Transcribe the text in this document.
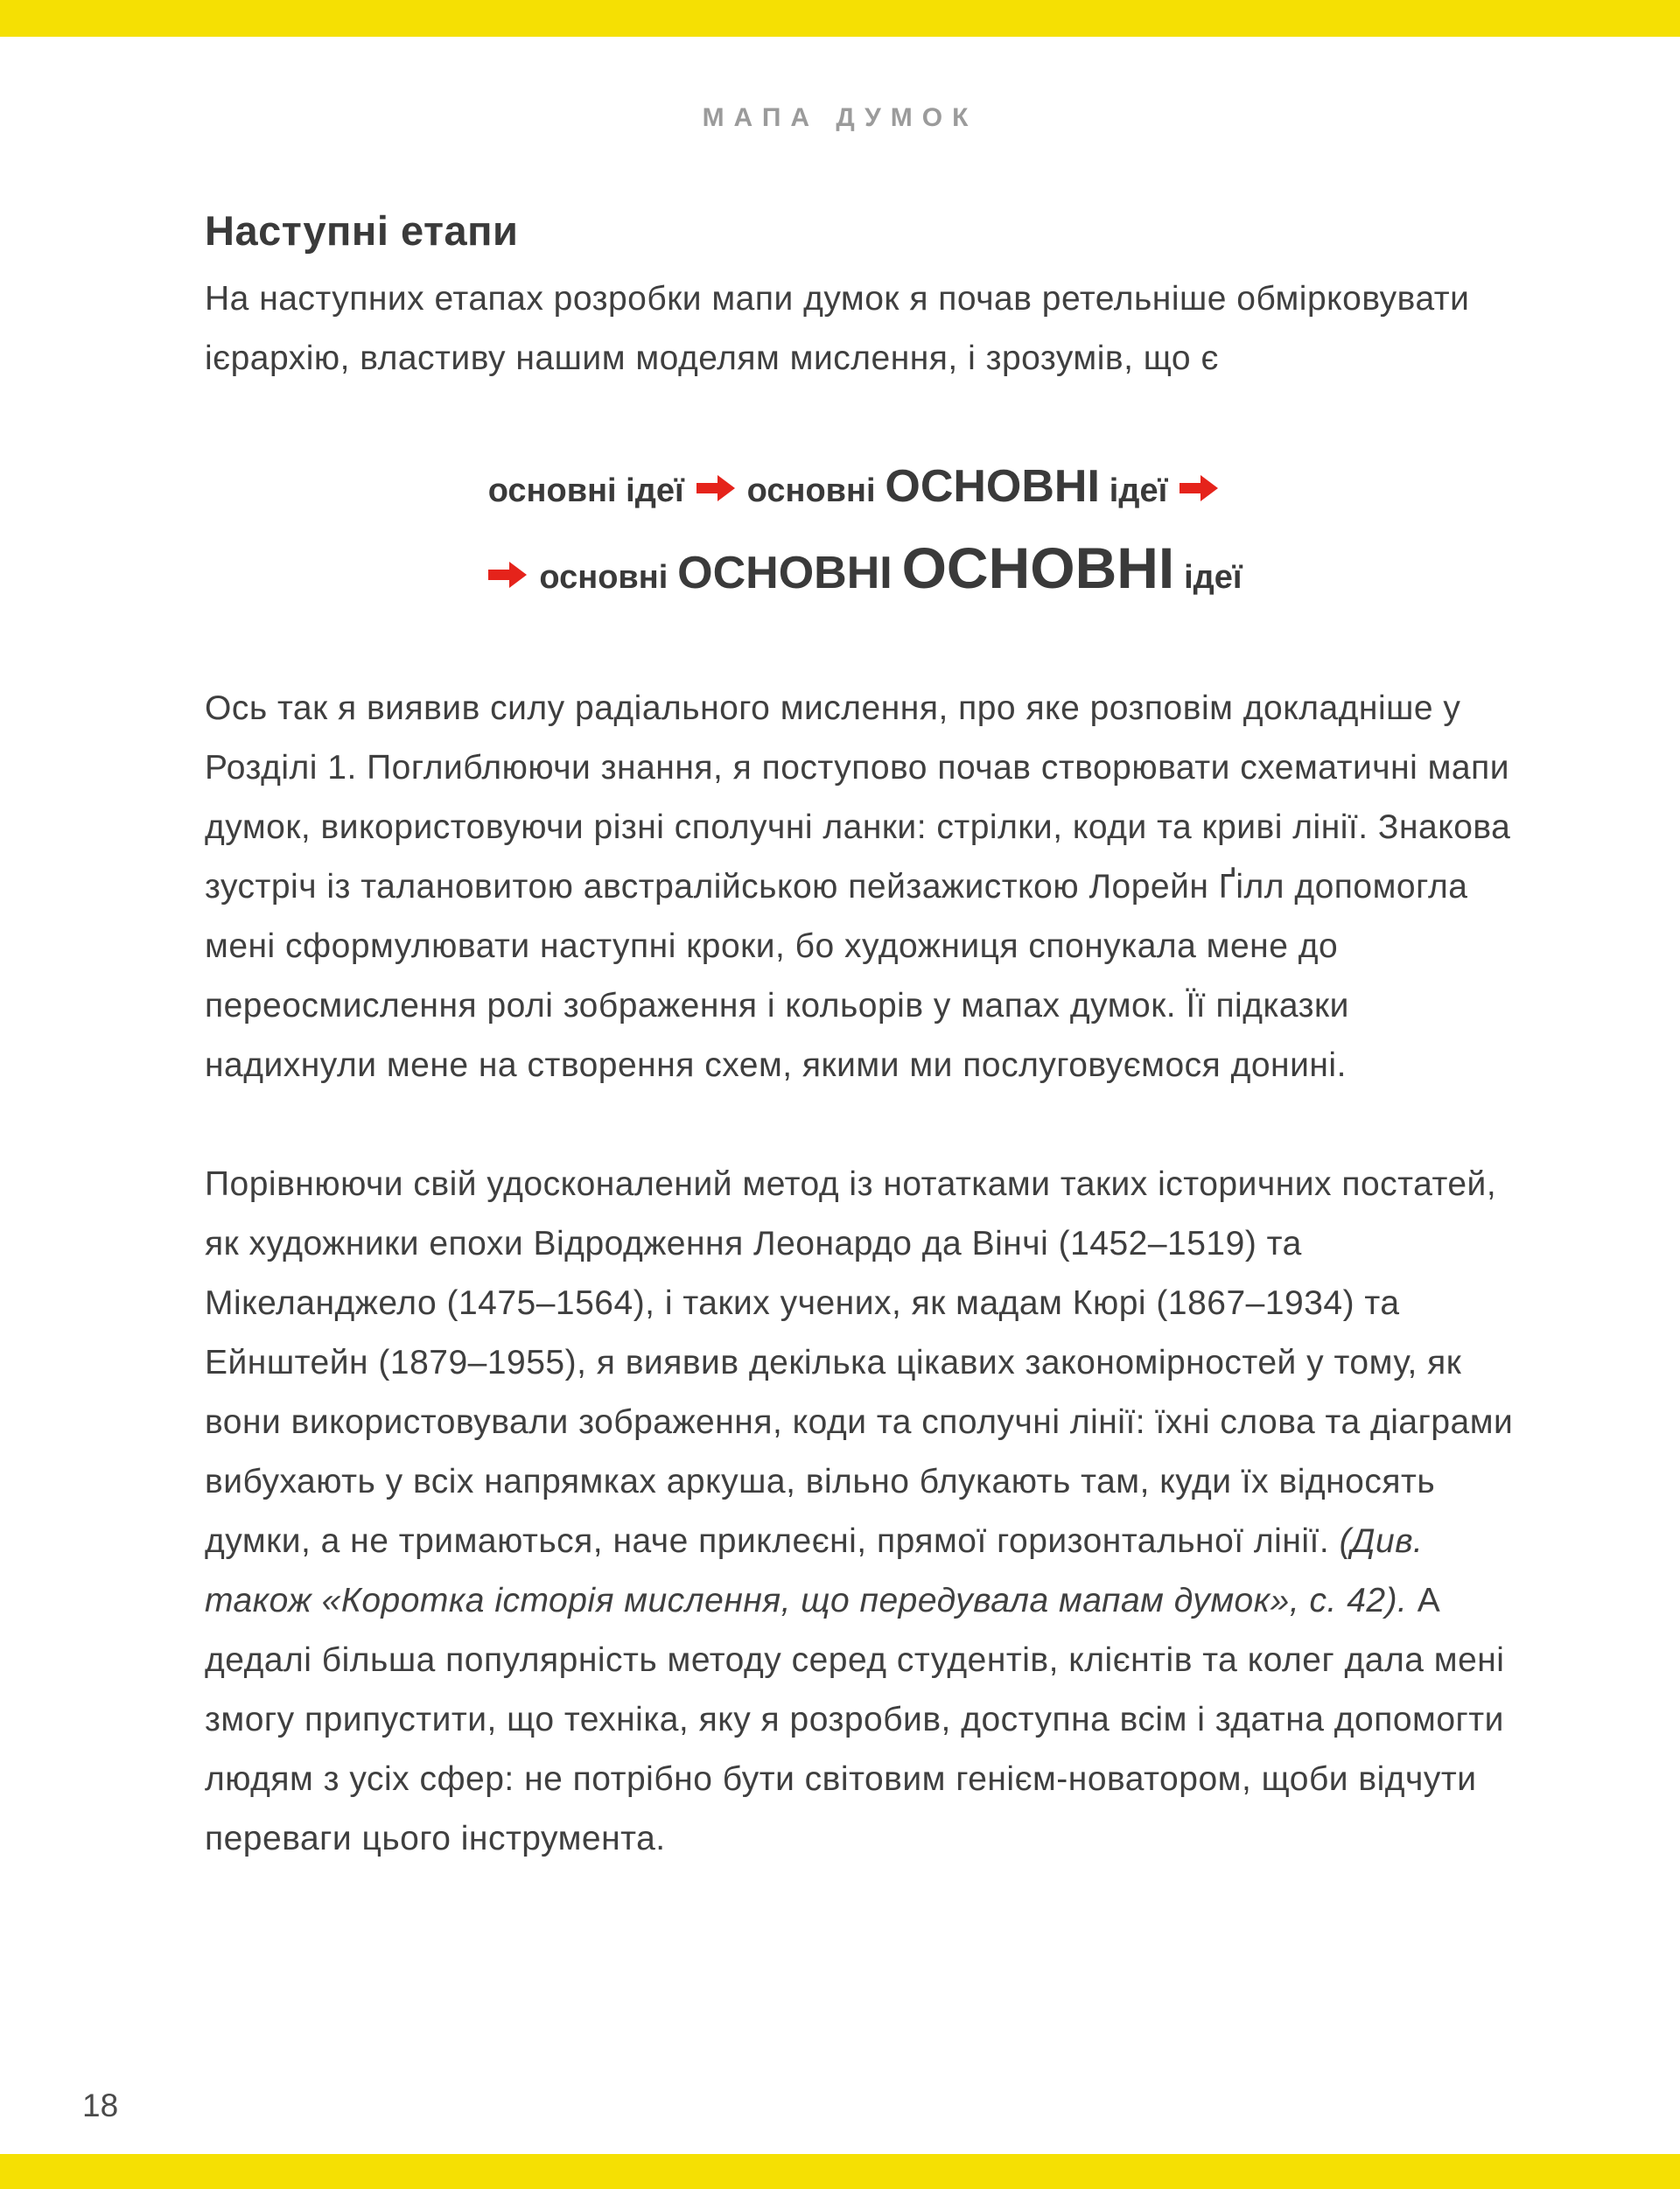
МАПА ДУМОК
Наступні етапи

На наступних етапах розробки мапи думок я почав ретельніше обмірковувати ієрархію, властиву нашим моделям мислення, і зрозумів, що є

основні ідеї основні ОСНОВНІ ідеї
основні ОСНОВНІ ОСНОВНІ ідеї

Ось так я виявив силу радіального мислення, про яке розповім докладніше у Розділі 1. Поглиблюючи знання, я поступово почав створювати схематичні мапи думок, використовуючи різні сполучні ланки: стрілки, коди та криві лінії. Знакова зустріч із талановитою австралійською пейзажисткою Лорейн Ґілл допомогла мені сформулювати наступні кроки, бо художниця спонукала мене до переосмислення ролі зображення і кольорів у мапах думок. Її підказки надихнули мене на створення схем, якими ми послуговуємося донині.

Порівнюючи свій удосконалений метод із нотатками таких історичних постатей, як художники епохи Відродження Леонардо да Вінчі (1452–1519) та Мікеланджело (1475–1564), і таких учених, як мадам Кюрі (1867–1934) та Ейнштейн (1879–1955), я виявив декілька цікавих закономірностей у тому, як вони використовували зображення, коди та сполучні лінії: їхні слова та діаграми вибухають у всіх напрямках аркуша, вільно блукають там, куди їх відносять думки, а не тримаються, наче приклеєні, прямої горизонтальної лінії. (Див. також «Коротка історія мислення, що передувала мапам думок», с. 42). А дедалі більша популярність методу серед студентів, клієнтів та колег дала мені змогу припустити, що техніка, яку я розробив, доступна всім і здатна допомогти людям з усіх сфер: не потрібно бути світовим генієм-новатором, щоби відчути переваги цього інструмента.

18
